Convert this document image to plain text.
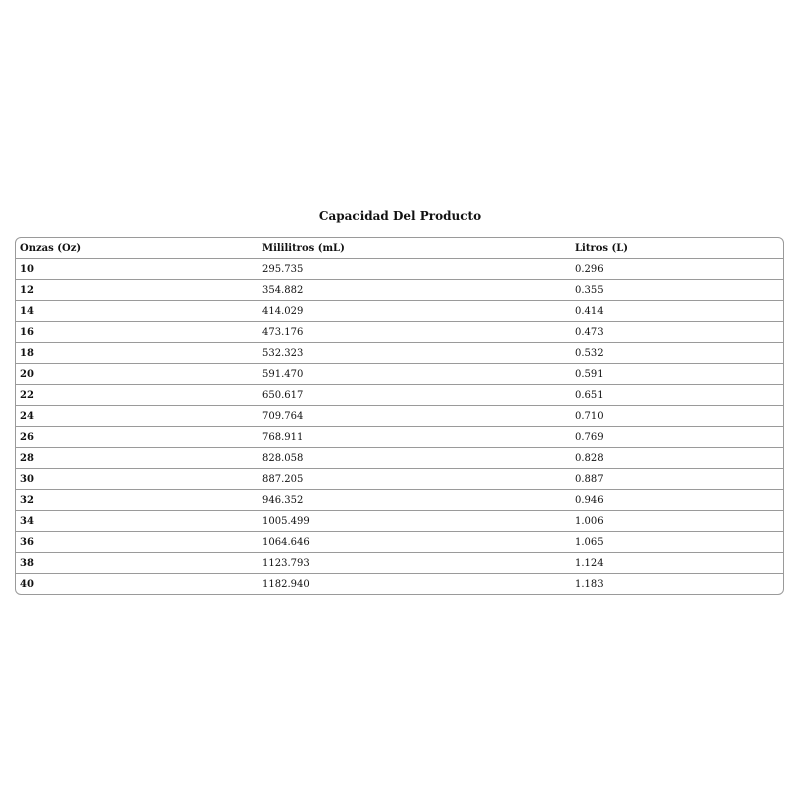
Capacidad Del Producto
Onzas (Oz)	Mililitros (mL)	Litros (L)
10	295.735	0.296
12	354.882	0.355
14	414.029	0.414
16	473.176	0.473
18	532.323	0.532
20	591.470	0.591
22	650.617	0.651
24	709.764	0.710
26	768.911	0.769
28	828.058	0.828
30	887.205	0.887
32	946.352	0.946
34	1005.499	1.006
36	1064.646	1.065
38	1123.793	1.124
40	1182.940	1.183
